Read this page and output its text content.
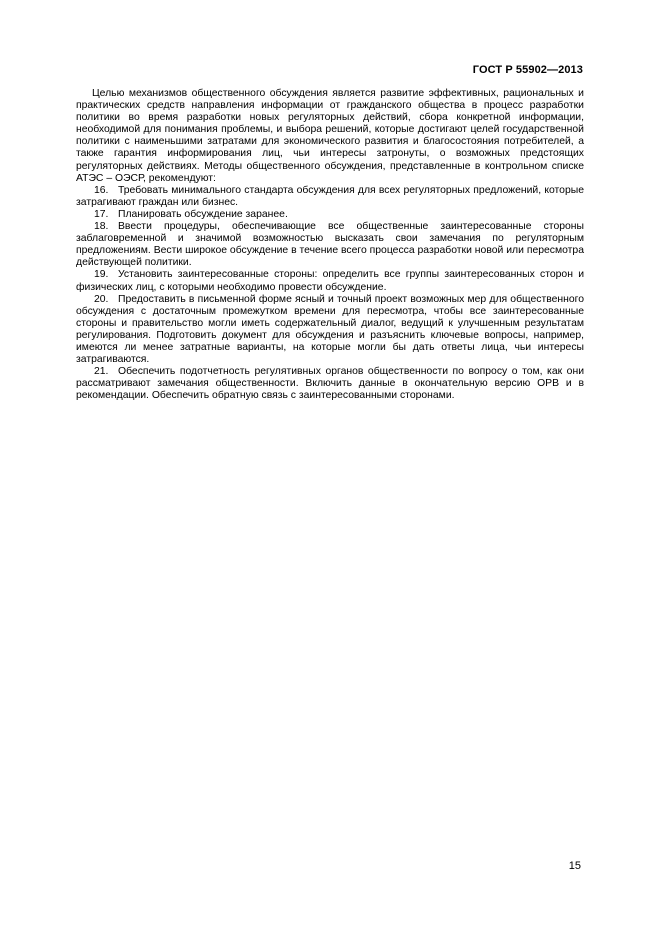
ГОСТ Р 55902—2013

Целью механизмов общественного обсуждения является развитие эффективных, рациональных и практических средств направления информации от гражданского общества в процесс разработки политики во время разработки новых регуляторных действий, сбора конкретной информации, необходимой для понимания проблемы, и выбора решений, которые достигают целей государственной политики с наименьшими затратами для экономического развития и благосостояния потребителей, а также гарантия информирования лиц, чьи интересы затронуты, о возможных предстоящих регуляторных действиях. Методы общественного обсуждения, представленные в контрольном списке АТЭС – ОЭСР, рекомендуют:

16. Требовать минимального стандарта обсуждения для всех регуляторных предложений, которые затрагивают граждан или бизнес.

17. Планировать обсуждение заранее.

18. Ввести процедуры, обеспечивающие все общественные заинтересованные стороны заблаговременной и значимой возможностью высказать свои замечания по регуляторным предложениям. Вести широкое обсуждение в течение всего процесса разработки новой или пересмотра действующей политики.

19. Установить заинтересованные стороны: определить все группы заинтересованных сторон и физических лиц, с которыми необходимо провести обсуждение.

20. Предоставить в письменной форме ясный и точный проект возможных мер для общественного обсуждения с достаточным промежутком времени для пересмотра, чтобы все заинтересованные стороны и правительство могли иметь содержательный диалог, ведущий к улучшенным результатам регулирования. Подготовить документ для обсуждения и разъяснить ключевые вопросы, например, имеются ли менее затратные варианты, на которые могли бы дать ответы лица, чьи интересы затрагиваются.

21. Обеспечить подотчетность регулятивных органов общественности по вопросу о том, как они рассматривают замечания общественности. Включить данные в окончательную версию ОРВ и в рекомендации. Обеспечить обратную связь с заинтересованными сторонами.

15
